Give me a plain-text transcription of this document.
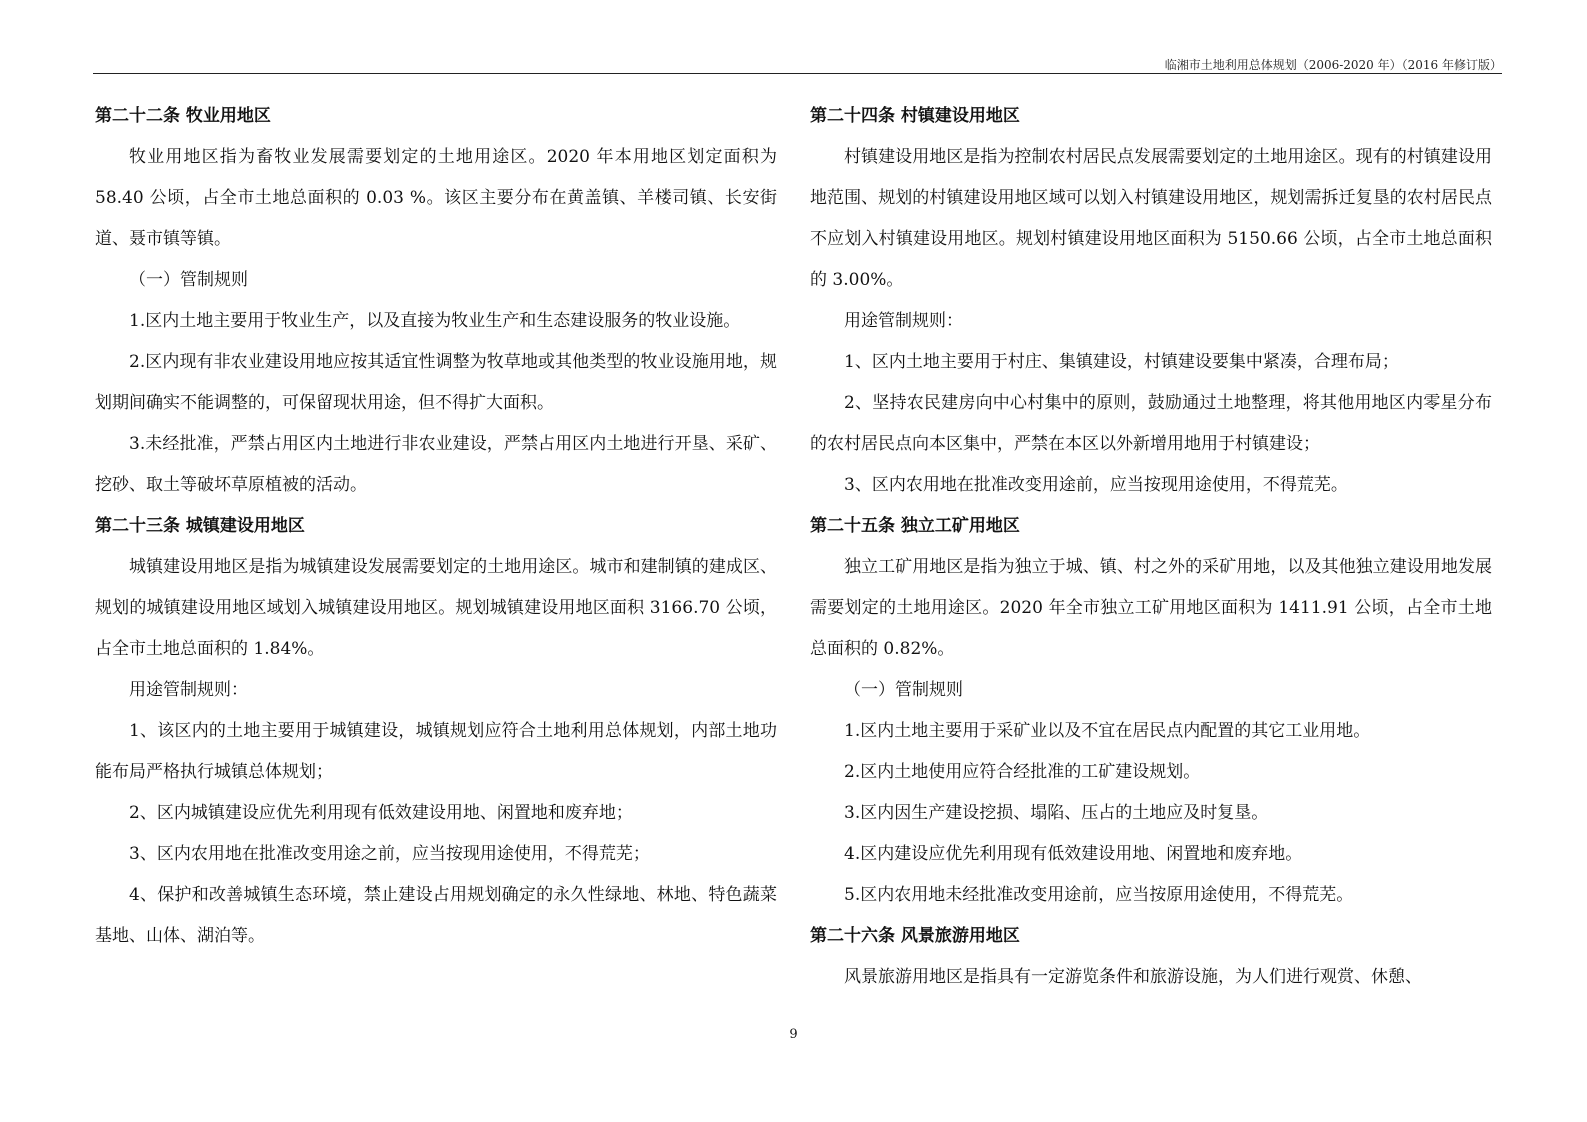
临湘市土地利用总体规划（2006-2020 年）（2016 年修订版）
第二十二条 牧业用地区

牧业用地区指为畜牧业发展需要划定的土地用途区。2020 年本用地区划定面积为 58.40 公顷，占全市土地总面积的 0.03 %。该区主要分布在黄盖镇、羊楼司镇、长安街道、聂市镇等镇。

（一）管制规则

1.区内土地主要用于牧业生产，以及直接为牧业生产和生态建设服务的牧业设施。

2.区内现有非农业建设用地应按其适宜性调整为牧草地或其他类型的牧业设施用地，规划期间确实不能调整的，可保留现状用途，但不得扩大面积。

3.未经批准，严禁占用区内土地进行非农业建设，严禁占用区内土地进行开垦、采矿、挖砂、取土等破坏草原植被的活动。

第二十三条 城镇建设用地区

城镇建设用地区是指为城镇建设发展需要划定的土地用途区。城市和建制镇的建成区、规划的城镇建设用地区域划入城镇建设用地区。规划城镇建设用地区面积 3166.70 公顷，占全市土地总面积的 1.84%。

用途管制规则：

1、该区内的土地主要用于城镇建设，城镇规划应符合土地利用总体规划，内部土地功能布局严格执行城镇总体规划；

2、区内城镇建设应优先利用现有低效建设用地、闲置地和废弃地；

3、区内农用地在批准改变用途之前，应当按现用途使用，不得荒芜；

4、保护和改善城镇生态环境，禁止建设占用规划确定的永久性绿地、林地、特色蔬菜基地、山体、湖泊等。

第二十四条 村镇建设用地区

村镇建设用地区是指为控制农村居民点发展需要划定的土地用途区。现有的村镇建设用地范围、规划的村镇建设用地区域可以划入村镇建设用地区，规划需拆迁复垦的农村居民点不应划入村镇建设用地区。规划村镇建设用地区面积为 5150.66 公顷，占全市土地总面积的 3.00%。

用途管制规则：

1、区内土地主要用于村庄、集镇建设，村镇建设要集中紧凑，合理布局；

2、坚持农民建房向中心村集中的原则，鼓励通过土地整理，将其他用地区内零星分布的农村居民点向本区集中，严禁在本区以外新增用地用于村镇建设；

3、区内农用地在批准改变用途前，应当按现用途使用，不得荒芜。

第二十五条 独立工矿用地区

独立工矿用地区是指为独立于城、镇、村之外的采矿用地，以及其他独立建设用地发展需要划定的土地用途区。2020 年全市独立工矿用地区面积为 1411.91 公顷，占全市土地总面积的 0.82%。

（一）管制规则

1.区内土地主要用于采矿业以及不宜在居民点内配置的其它工业用地。

2.区内土地使用应符合经批准的工矿建设规划。

3.区内因生产建设挖损、塌陷、压占的土地应及时复垦。

4.区内建设应优先利用现有低效建设用地、闲置地和废弃地。

5.区内农用地未经批准改变用途前，应当按原用途使用，不得荒芜。

第二十六条 风景旅游用地区

风景旅游用地区是指具有一定游览条件和旅游设施，为人们进行观赏、休憩、

9
